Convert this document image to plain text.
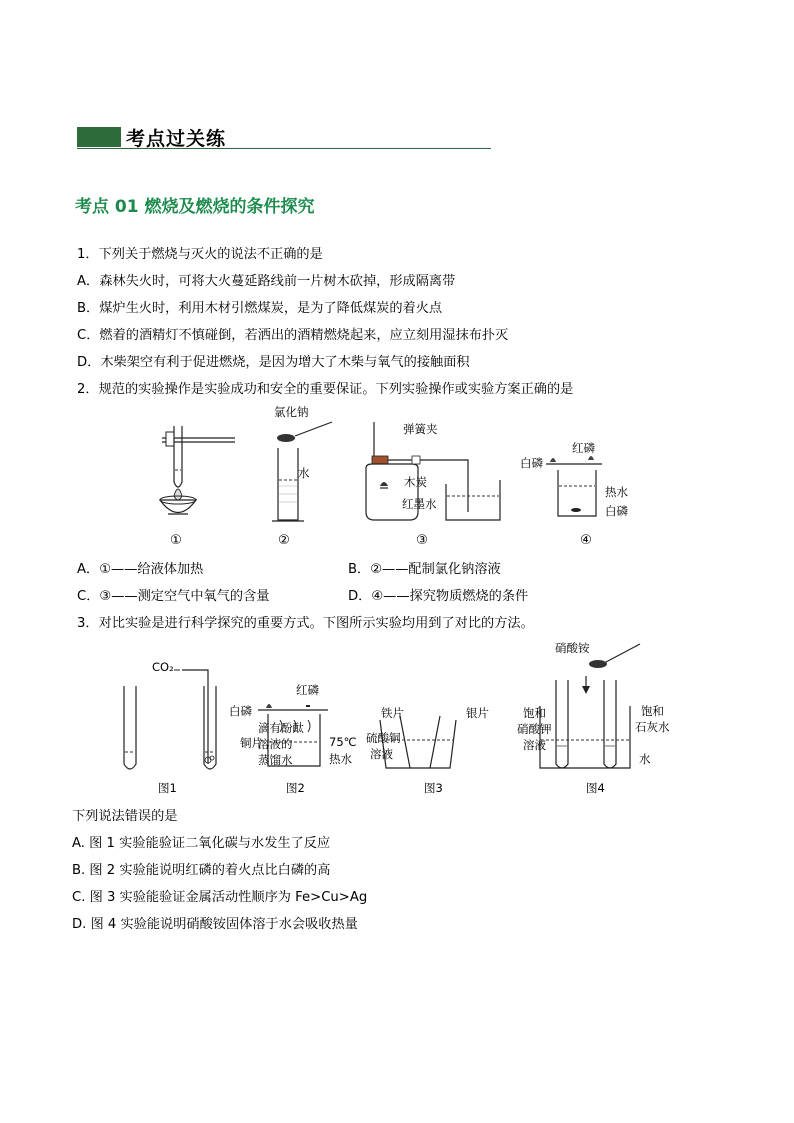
考点过关练
考点 01 燃烧及燃烧的条件探究
1．下列关于燃烧与灭火的说法不正确的是
A．森林失火时，可将大火蔓延路线前一片树木砍掉，形成隔离带
B．煤炉生火时，利用木材引燃煤炭，是为了降低煤炭的着火点
C．燃着的酒精灯不慎碰倒，若洒出的酒精燃烧起来，应立刻用湿抹布扑灭
D．木柴架空有利于促进燃烧，是因为增大了木柴与氧气的接触面积
2．规范的实验操作是实验成功和安全的重要保证。下列实验操作或实验方案正确的是
氯化钠
水
弹簧夹
木炭
红墨水
红磷
白磷
热水
白磷
①	②	③	④
A．①——给液体加热	B．②——配制氯化钠溶液
C．③——测定空气中氧气的含量	D．④——探究物质燃烧的条件
3．对比实验是进行科学探究的重要方式。下图所示实验均用到了对比的方法。
CO₂
滴有酚酞
溶液的
蒸馏水
白磷
红磷
铜片	75℃
热水
铁片	银片
硫酸铜
溶液
硝酸铵
饱和
硝酸钾
溶液
饱和
石灰水
水
图1	图2	图3	图4
下列说法错误的是
A. 图 1 实验能验证二氧化碳与水发生了反应
B. 图 2 实验能说明红磷的着火点比白磷的高
C. 图 3 实验能验证金属活动性顺序为 Fe>Cu>Ag
D. 图 4 实验能说明硝酸铵固体溶于水会吸收热量
